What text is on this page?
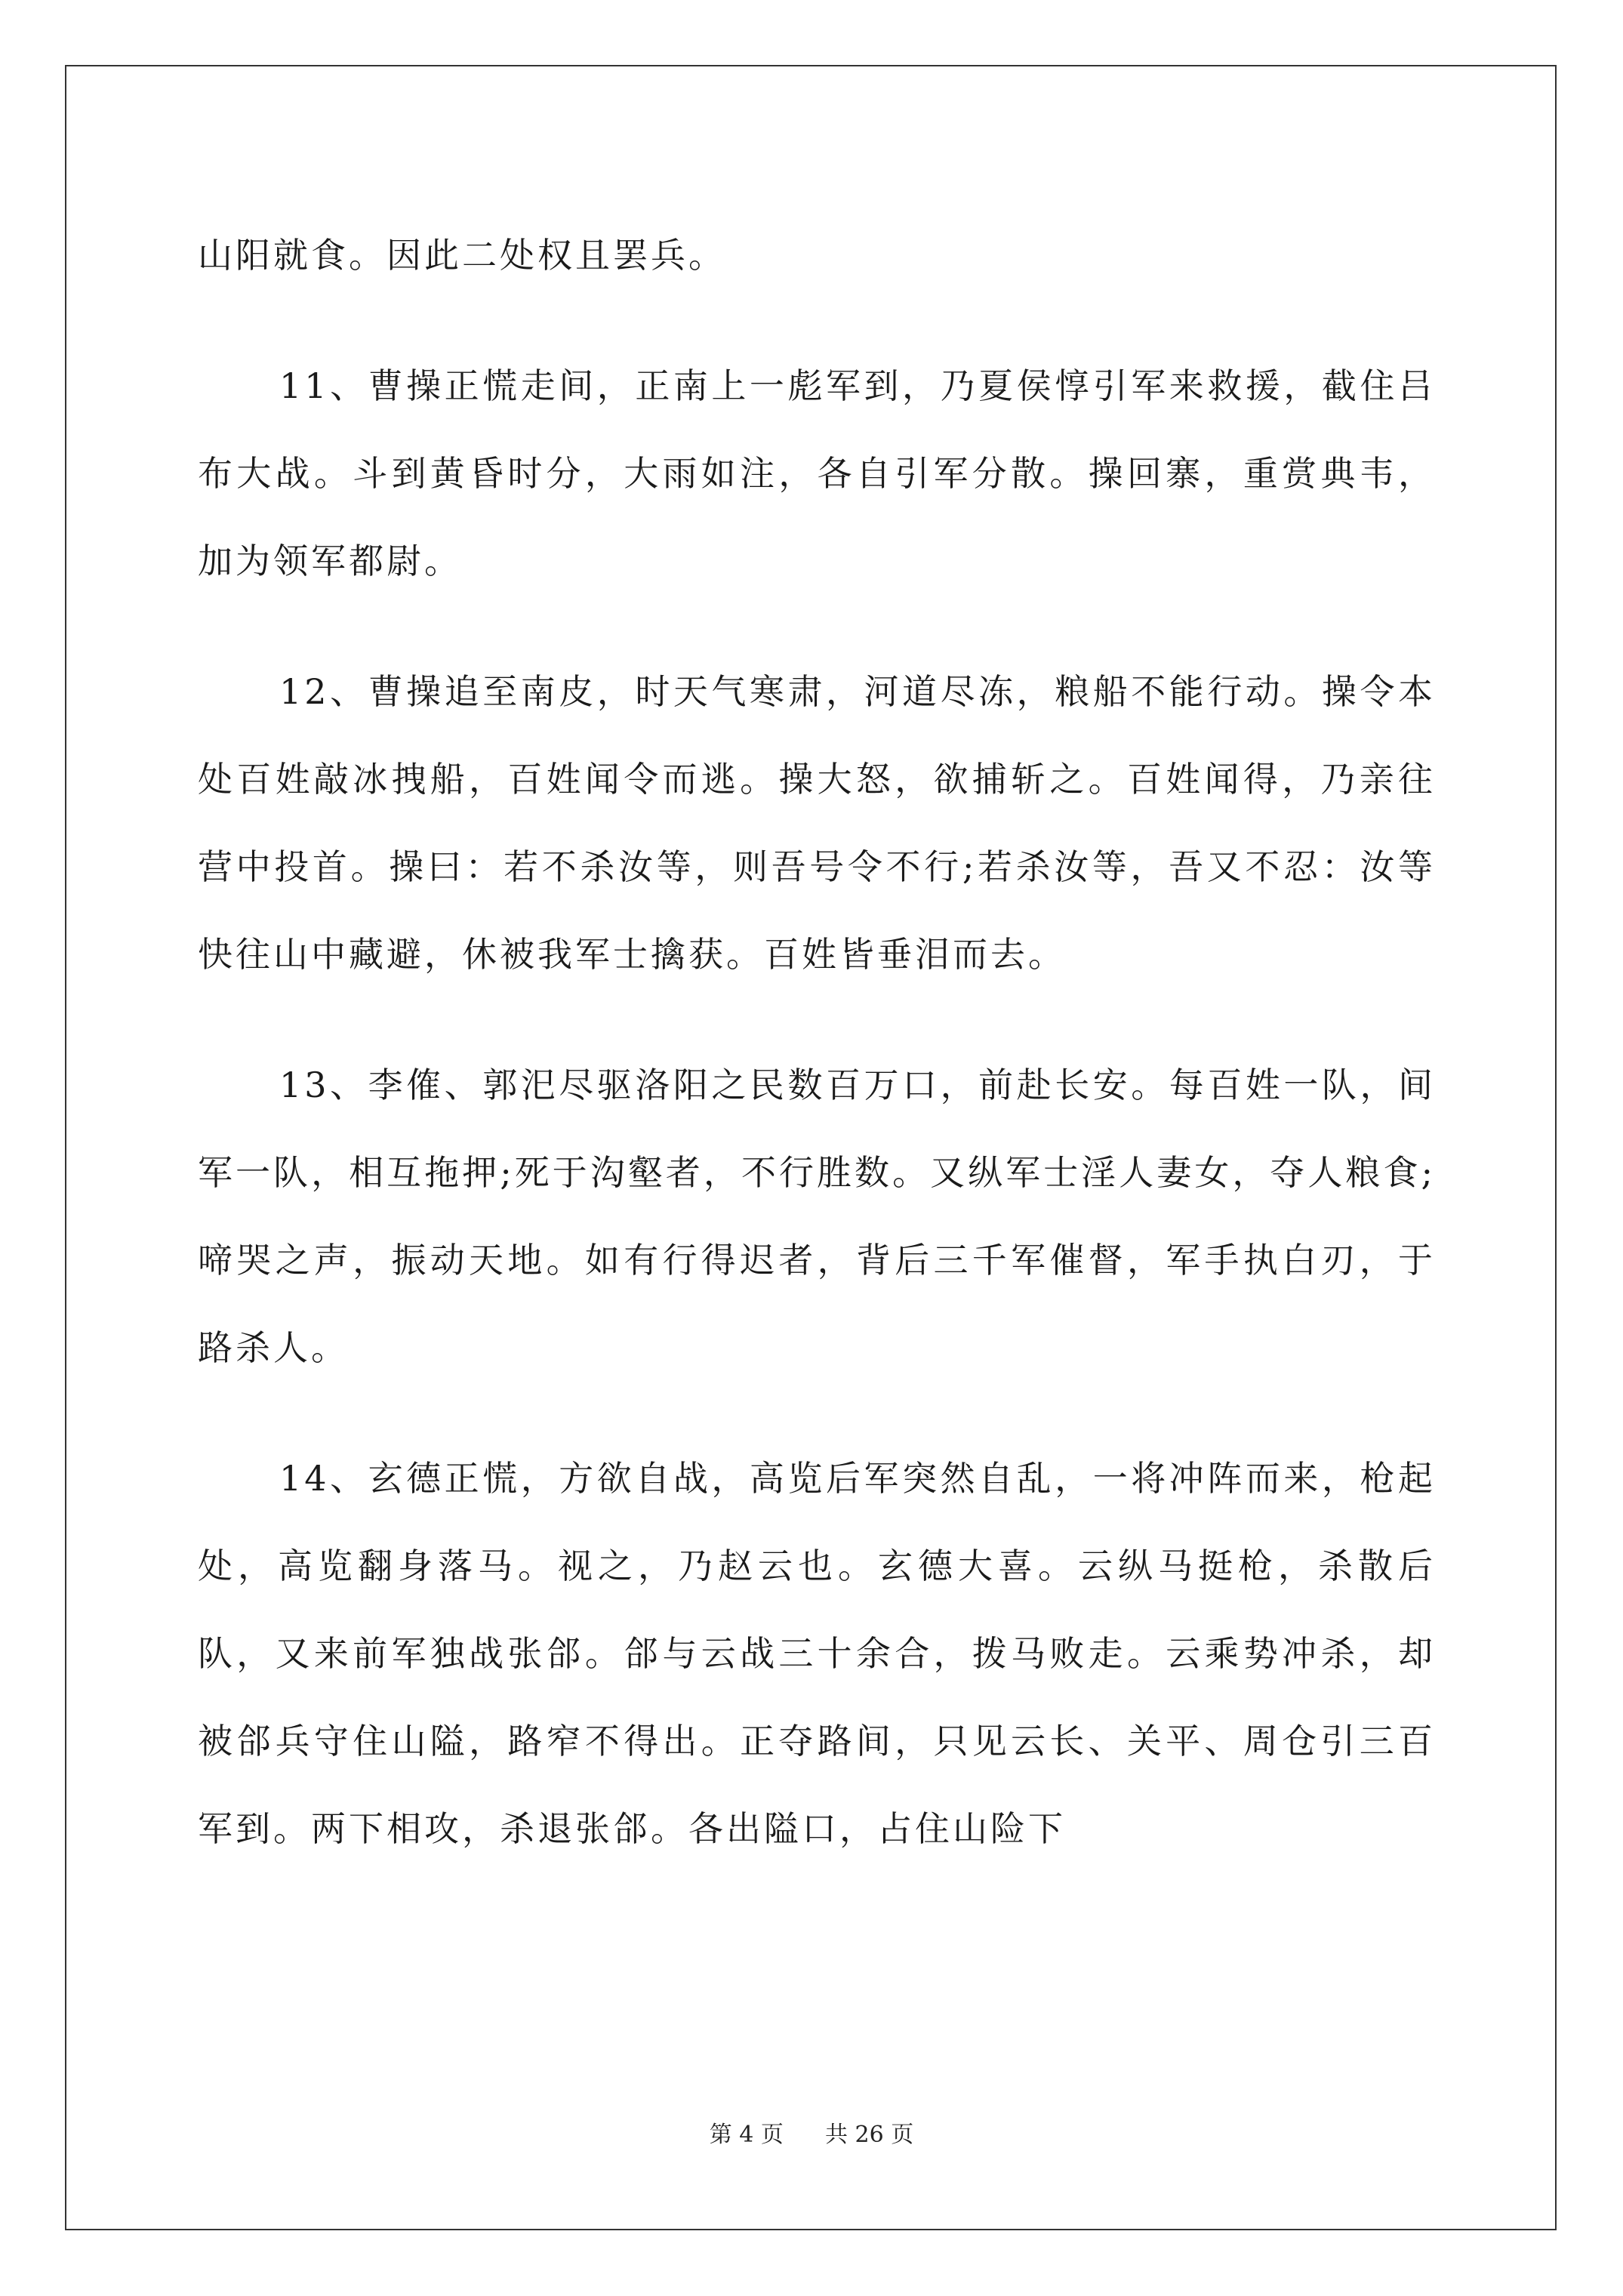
山阳就食。因此二处权且罢兵。

11、曹操正慌走间，正南上一彪军到，乃夏侯惇引军来救援，截住吕布大战。斗到黄昏时分，大雨如注，各自引军分散。操回寨，重赏典韦，加为领军都尉。

12、曹操追至南皮，时天气寒肃，河道尽冻，粮船不能行动。操令本处百姓敲冰拽船，百姓闻令而逃。操大怒，欲捕斩之。百姓闻得，乃亲往营中投首。操曰：若不杀汝等，则吾号令不行;若杀汝等，吾又不忍：汝等快往山中藏避，休被我军士擒获。百姓皆垂泪而去。

13、李傕、郭汜尽驱洛阳之民数百万口，前赴长安。每百姓一队，间军一队，相互拖押;死于沟壑者，不行胜数。又纵军士淫人妻女，夺人粮食;啼哭之声，振动天地。如有行得迟者，背后三千军催督，军手执白刃，于路杀人。

14、玄德正慌，方欲自战，高览后军突然自乱，一将冲阵而来，枪起处，高览翻身落马。视之，乃赵云也。玄德大喜。云纵马挺枪，杀散后队，又来前军独战张郃。郃与云战三十余合，拨马败走。云乘势冲杀，却被郃兵守住山隘，路窄不得出。正夺路间，只见云长、关平、周仓引三百军到。两下相攻，杀退张郃。各出隘口，占住山险下

第 4 页 共 26 页
